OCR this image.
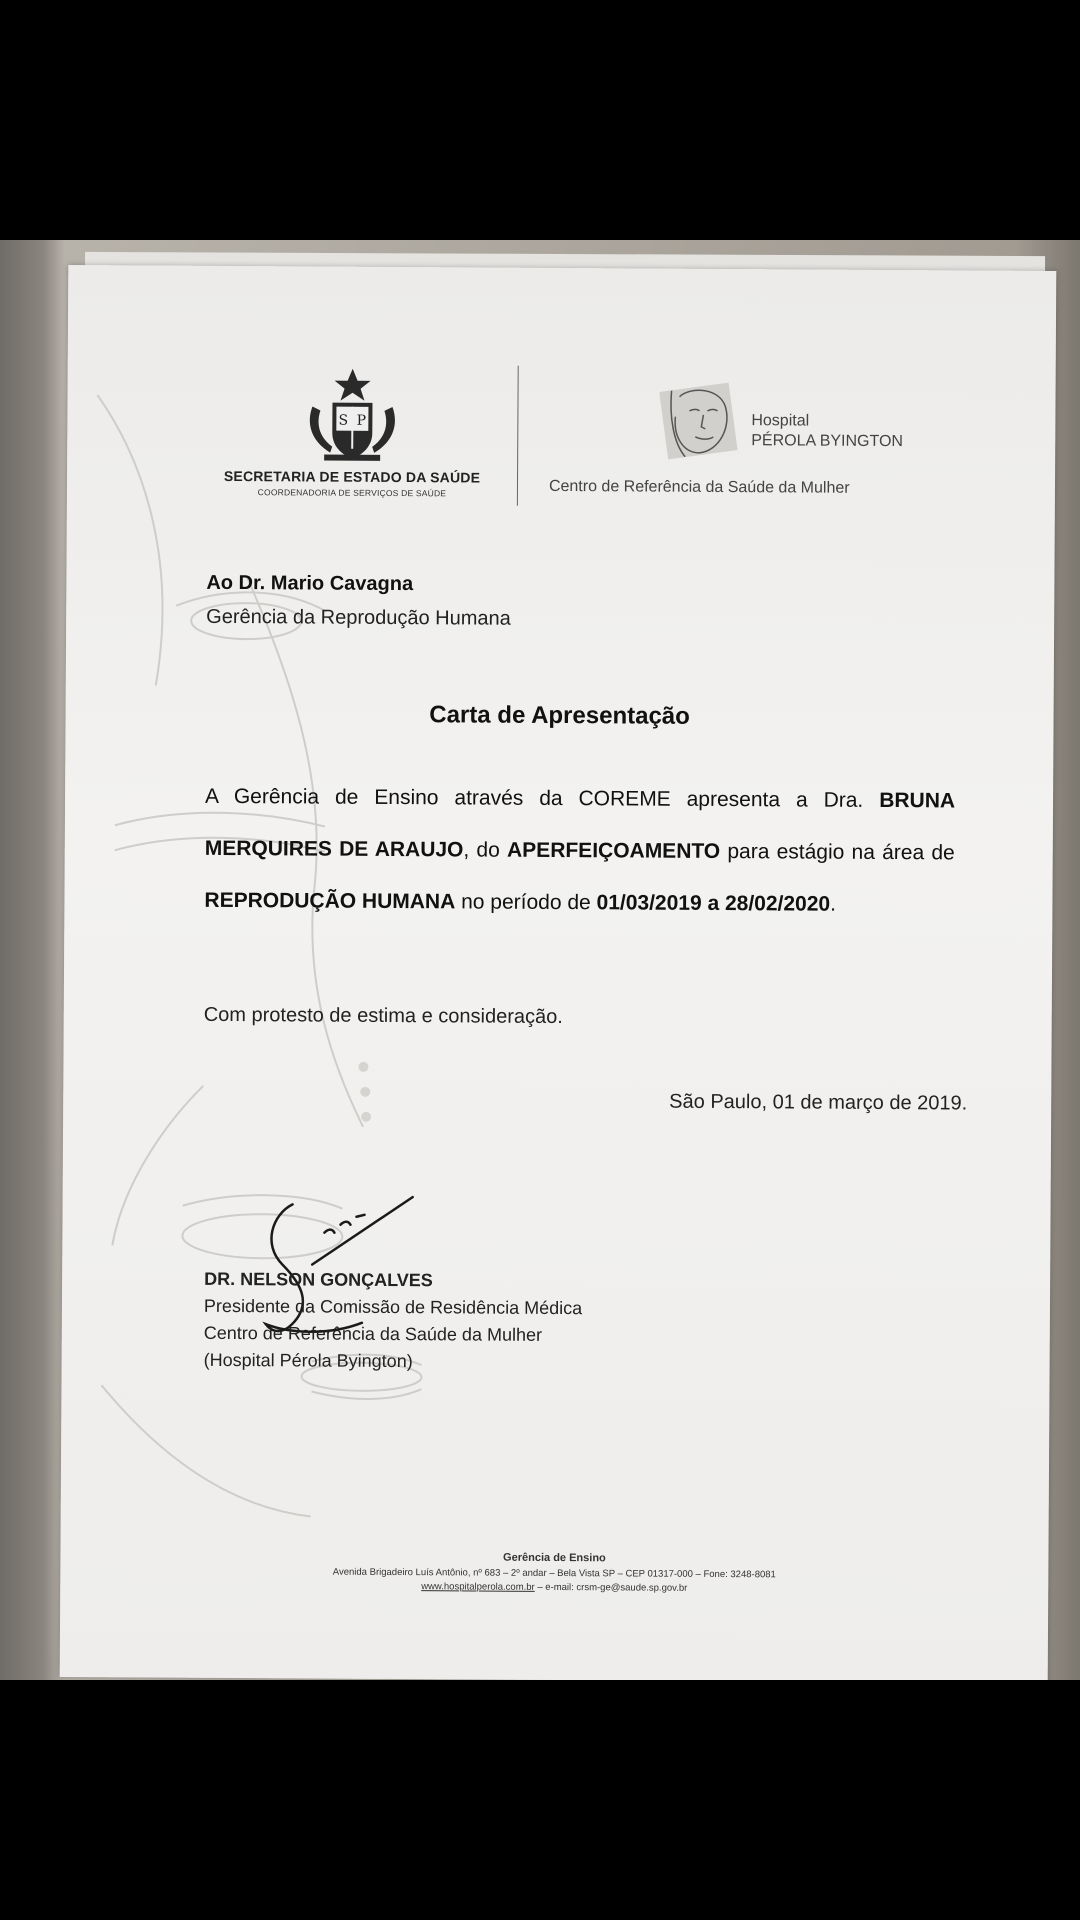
S P
SECRETARIA DE ESTADO DA SAÚDE
COORDENADORIA DE SERVIÇOS DE SAÚDE
Hospital
PÉROLA BYINGTON
Centro de Referência da Saúde da Mulher
Ao Dr. Mario Cavagna
Gerência da Reprodução Humana
Carta de Apresentação
A Gerência de Ensino através da COREME apresenta a Dra. BRUNA MERQUIRES DE ARAUJO, do APERFEIÇOAMENTO para estágio na área de REPRODUÇÃO HUMANA no período de 01/03/2019 a 28/02/2020.
Com protesto de estima e consideração.
São Paulo, 01 de março de 2019.
DR. NELSON GONÇALVES
Presidente da Comissão de Residência Médica
Centro de Referência da Saúde da Mulher
(Hospital Pérola Byington)
Gerência de Ensino
Avenida Brigadeiro Luís Antônio, nº 683 – 2º andar – Bela Vista SP – CEP 01317-000 – Fone: 3248-8081
www.hospitalperola.com.br – e-mail: crsm-ge@saude.sp.gov.br
